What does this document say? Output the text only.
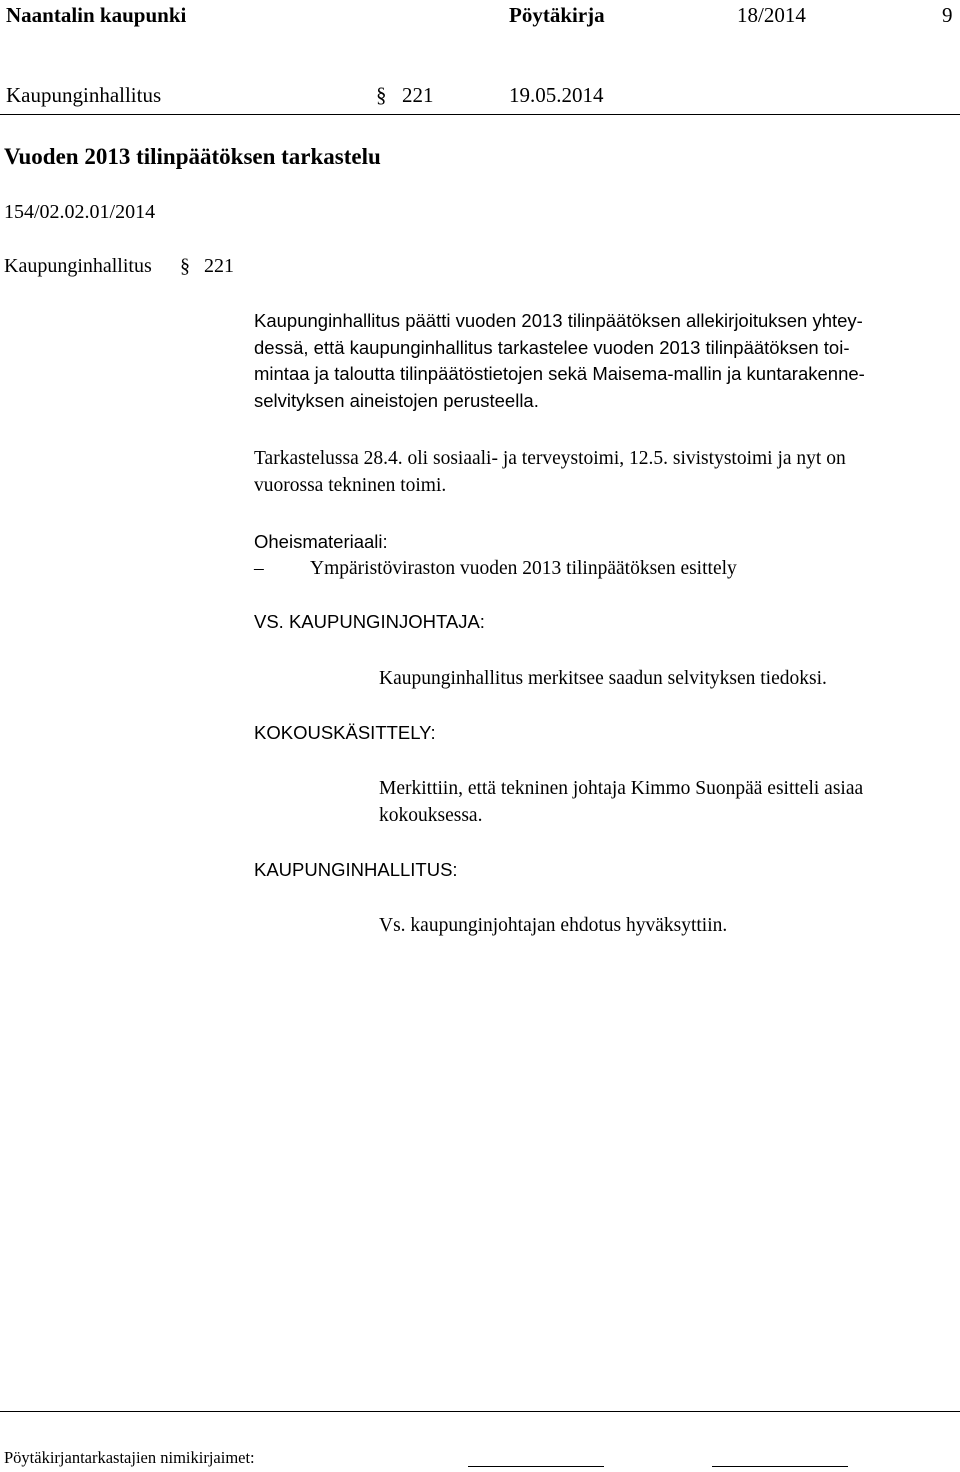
Naantalin kaupunki	Pöytäkirja	18/2014	9
Kaupunginhallitus	§ 221	19.05.2014
Vuoden 2013 tilinpäätöksen tarkastelu
154/02.02.01/2014
Kaupunginhallitus § 221
Kaupunginhallitus päätti vuoden 2013 tilinpäätöksen allekirjoituksen yhtey-
dessä, että kaupunginhallitus tarkastelee vuoden 2013 tilinpäätöksen toi-
mintaa ja taloutta tilinpäätöstietojen sekä Maisema-mallin ja kuntarakenne-
selvityksen aineistojen perusteella.
Tarkastelussa 28.4. oli sosiaali- ja terveystoimi, 12.5. sivistystoimi ja nyt on
vuorossa tekninen toimi.
Oheismateriaali:
– Ympäristöviraston vuoden 2013 tilinpäätöksen esittely
VS. KAUPUNGINJOHTAJA:
Kaupunginhallitus merkitsee saadun selvityksen tiedoksi.
KOKOUSKÄSITTELY:
Merkittiin, että tekninen johtaja Kimmo Suonpää esitteli asiaa
kokouksessa.
KAUPUNGINHALLITUS:
Vs. kaupunginjohtajan ehdotus hyväksyttiin.
Pöytäkirjantarkastajien nimikirjaimet:
